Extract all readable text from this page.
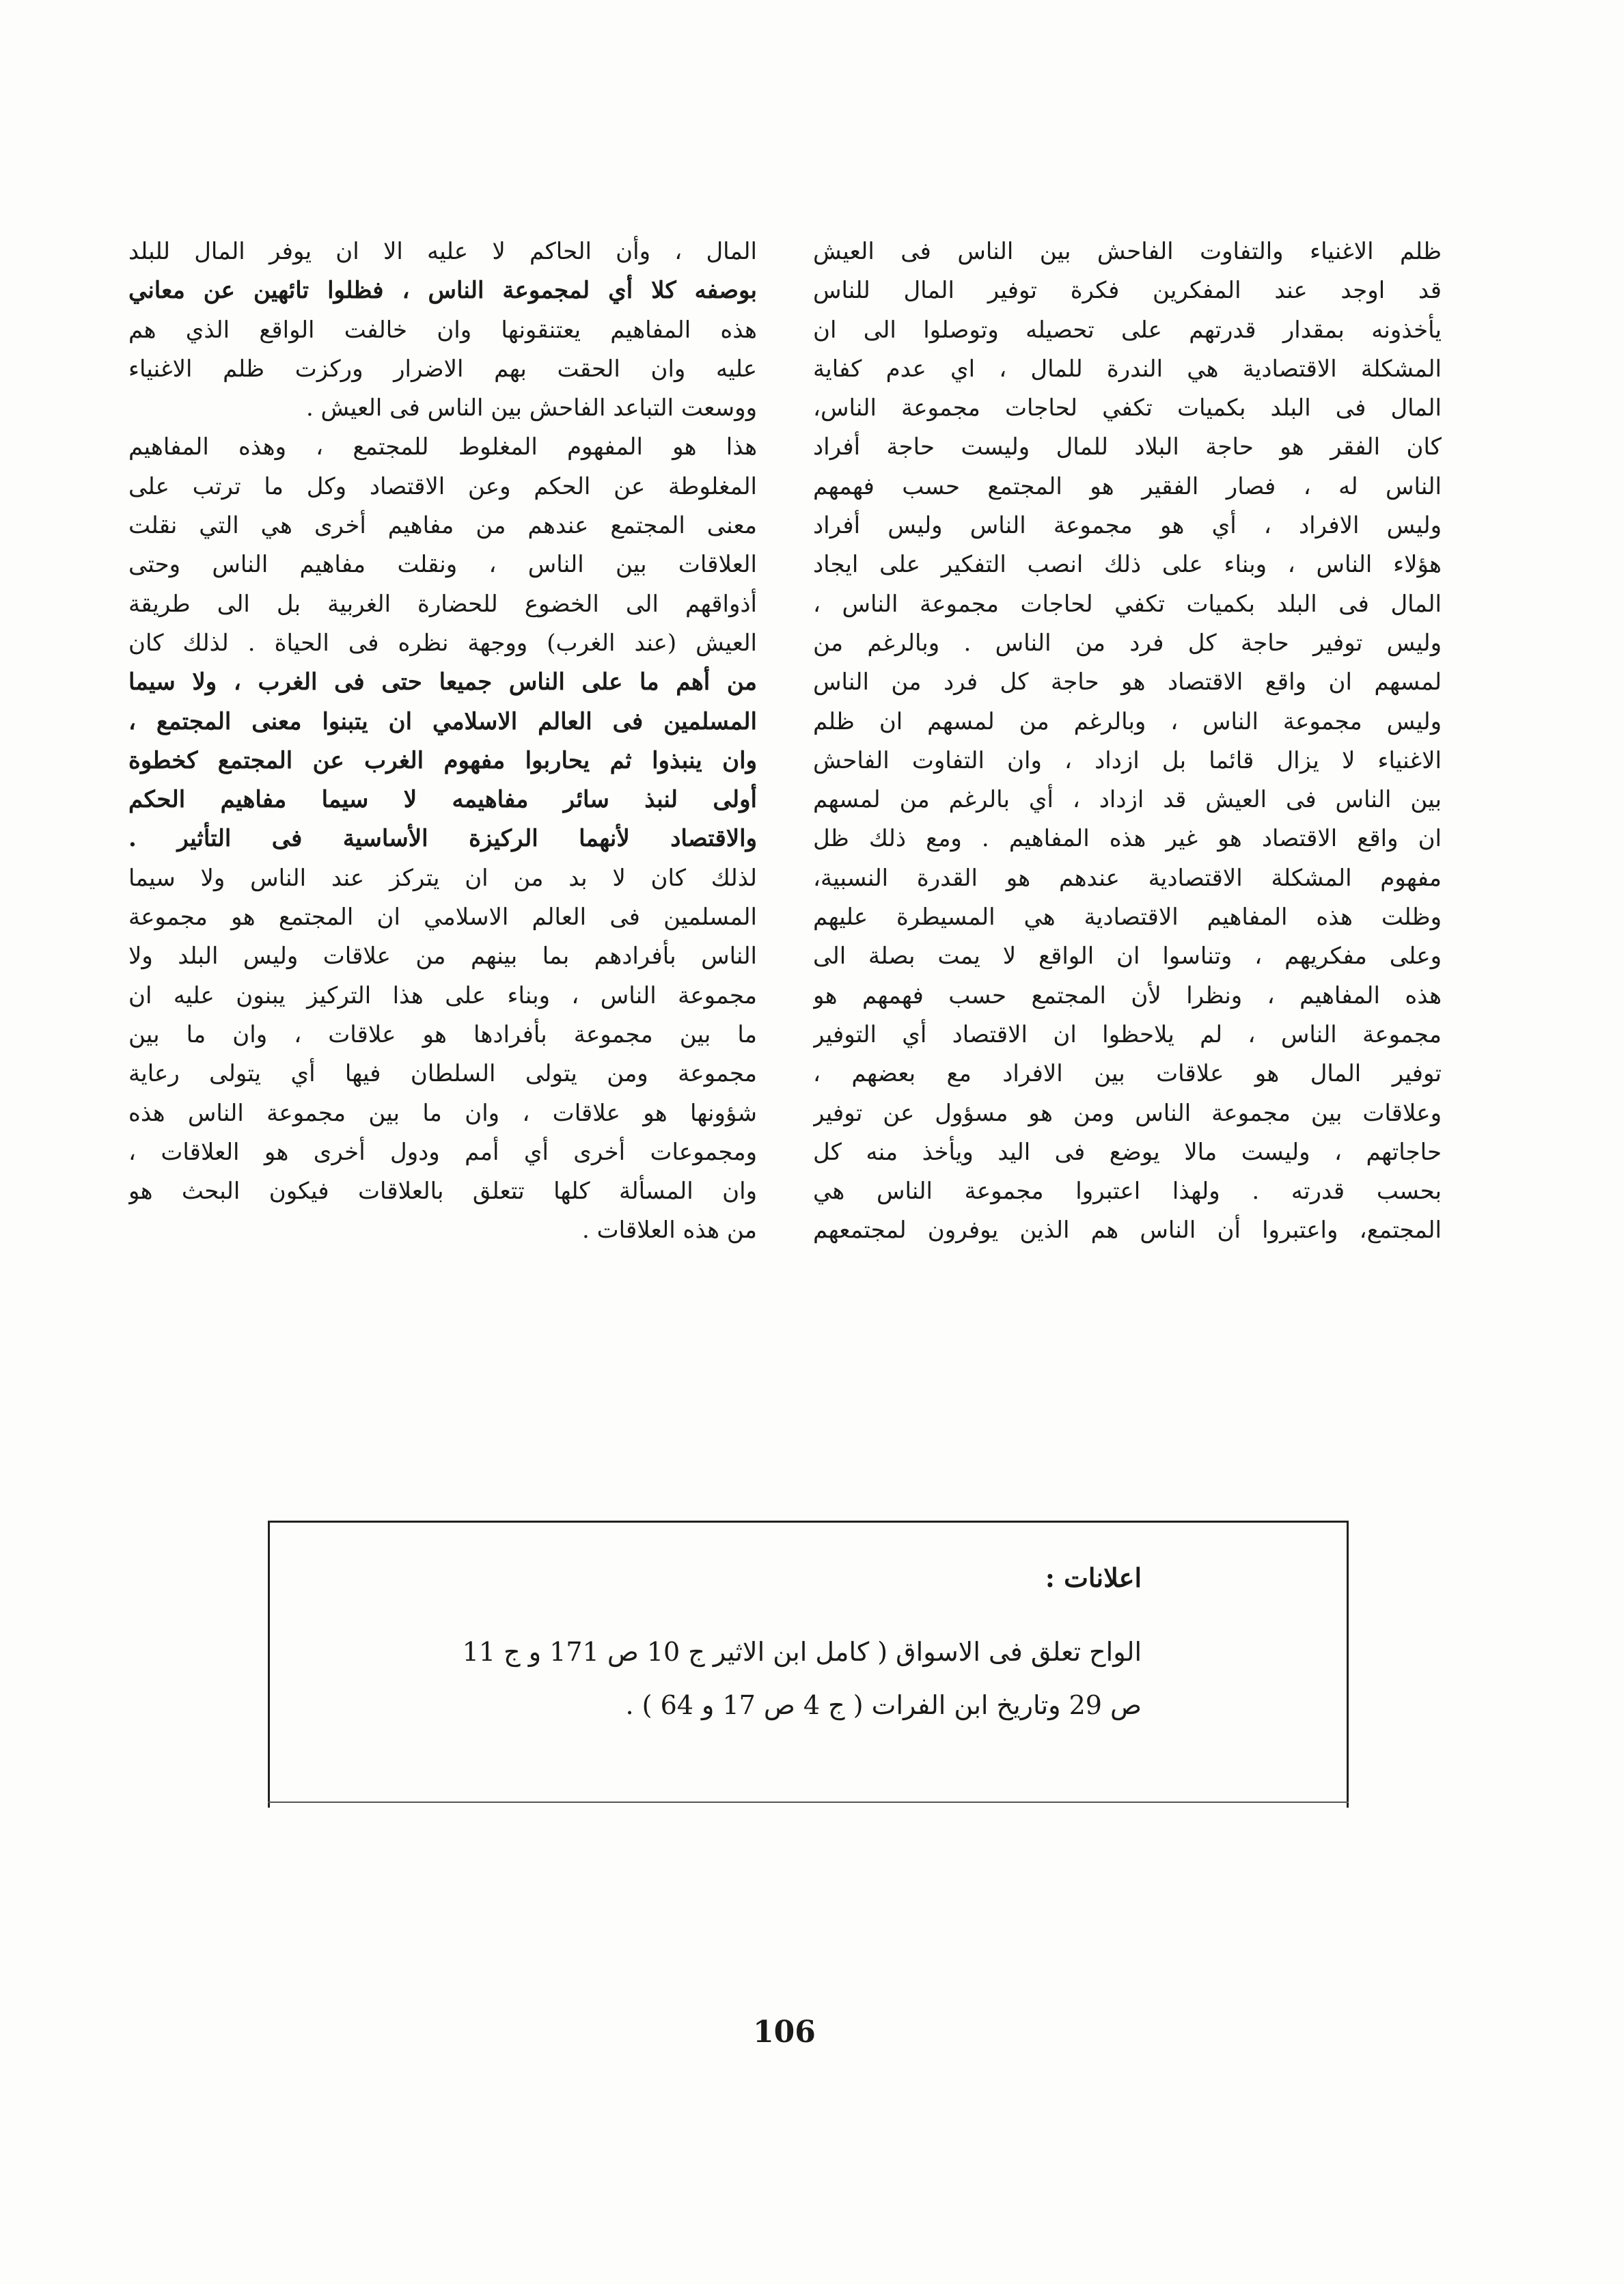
ظلم الاغنياء والتفاوت الفاحش بين الناس فى العيش
قد اوجد عند المفكرين فكرة توفير المال للناس
يأخذونه بمقدار قدرتهم على تحصيله وتوصلوا الى ان
المشكلة الاقتصادية هي الندرة للمال ، اي عدم كفاية
المال فى البلد بكميات تكفي لحاجات مجموعة الناس،
كان الفقر هو حاجة البلاد للمال وليست حاجة أفراد
الناس له ، فصار الفقير هو المجتمع حسب فهمهم
وليس الافراد ، أي هو مجموعة الناس وليس أفراد
هؤلاء الناس ، وبناء على ذلك انصب التفكير على ايجاد
المال فى البلد بكميات تكفي لحاجات مجموعة الناس ،
وليس توفير حاجة كل فرد من الناس . وبالرغم من
لمسهم ان واقع الاقتصاد هو حاجة كل فرد من الناس
وليس مجموعة الناس ، وبالرغم من لمسهم ان ظلم
الاغنياء لا يزال قائما بل ازداد ، وان التفاوت الفاحش
بين الناس فى العيش قد ازداد ، أي بالرغم من لمسهم
ان واقع الاقتصاد هو غير هذه المفاهيم . ومع ذلك ظل
مفهوم المشكلة الاقتصادية عندهم هو القدرة النسبية،
وظلت هذه المفاهيم الاقتصادية هي المسيطرة عليهم
وعلى مفكريهم ، وتناسوا ان الواقع لا يمت بصلة الى
هذه المفاهيم ، ونظرا لأن المجتمع حسب فهمهم هو
مجموعة الناس ، لم يلاحظوا ان الاقتصاد أي التوفير
توفير المال هو علاقات بين الافراد مع بعضهم ،
وعلاقات بين مجموعة الناس ومن هو مسؤول عن توفير
حاجاتهم ، وليست مالا يوضع فى اليد ويأخذ منه كل
بحسب قدرته . ولهذا اعتبروا مجموعة الناس هي
المجتمع، واعتبروا أن الناس هم الذين يوفرون لمجتمعهم
المال ، وأن الحاكم لا عليه الا ان يوفر المال للبلد
بوصفه كلا أي لمجموعة الناس ، فظلوا تائهين عن معاني
هذه المفاهيم يعتنقونها وان خالفت الواقع الذي هم
عليه وان الحقت بهم الاضرار وركزت ظلم الاغنياء
ووسعت التباعد الفاحش بين الناس فى العيش .
هذا هو المفهوم المغلوط للمجتمع ، وهذه المفاهيم
المغلوطة عن الحكم وعن الاقتصاد وكل ما ترتب على
معنى المجتمع عندهم من مفاهيم أخرى هي التي نقلت
العلاقات بين الناس ، ونقلت مفاهيم الناس وحتى
أذواقهم الى الخضوع للحضارة الغربية بل الى طريقة
العيش (عند الغرب) ووجهة نظره فى الحياة . لذلك كان
من أهم ما على الناس جميعا حتى فى الغرب ، ولا سيما
المسلمين فى العالم الاسلامي ان يتبنوا معنى المجتمع ،
وان ينبذوا ثم يحاربوا مفهوم الغرب عن المجتمع كخطوة
أولى لنبذ سائر مفاهيمه لا سيما مفاهيم الحكم
والاقتصاد لأنهما الركيزة الأساسية فى التأثير .
لذلك كان لا بد من ان يتركز عند الناس ولا سيما
المسلمين فى العالم الاسلامي ان المجتمع هو مجموعة
الناس بأفرادهم بما بينهم من علاقات وليس البلد ولا
مجموعة الناس ، وبناء على هذا التركيز يبنون عليه ان
ما بين مجموعة بأفرادها هو علاقات ، وان ما بين
مجموعة ومن يتولى السلطان فيها أي يتولى رعاية
شؤونها هو علاقات ، وان ما بين مجموعة الناس هذه
ومجموعات أخرى أي أمم ودول أخرى هو العلاقات ،
وان المسألة كلها تتعلق بالعلاقات فيكون البحث هو
من هذه العلاقات .
اعلانات :
الواح تعلق فى الاسواق ( كامل ابن الاثير ج 10 ص 171 و ج 11
ص 29 وتاريخ ابن الفرات ( ج 4 ص 17 و 64 ) .
106
